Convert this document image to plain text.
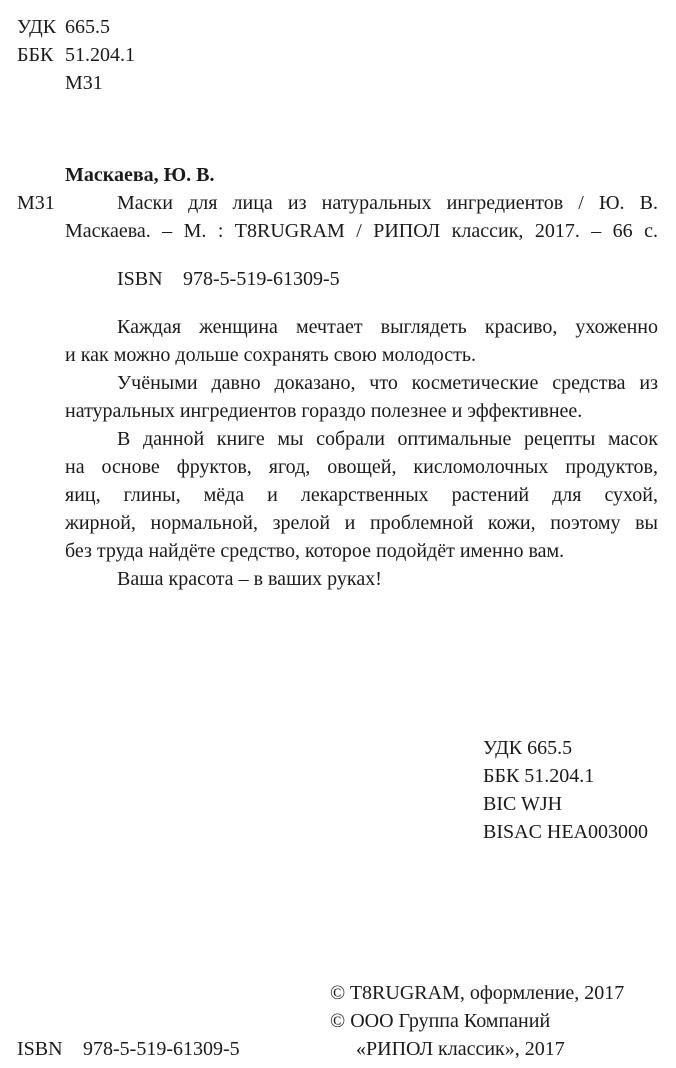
УДК 665.5
ББК 51.204.1
М31
Маскаева, Ю. В.
М31	Маски для лица из натуральных ингредиентов / Ю. В.
Маскаева. – М. : T8RUGRAM / РИПОЛ классик, 2017. – 66 с.
ISBN 978-5-519-61309-5
Каждая женщина мечтает выглядеть красиво, ухоженно
и как можно дольше сохранять свою молодость.
Учёными давно доказано, что косметические средства из
натуральных ингредиентов гораздо полезнее и эффективнее.
В данной книге мы собрали оптимальные рецепты масок
на основе фруктов, ягод, овощей, кисломолочных продуктов,
яиц, глины, мёда и лекарственных растений для сухой,
жирной, нормальной, зрелой и проблемной кожи, поэтому вы
без труда найдёте средство, которое подойдёт именно вам.
Ваша красота – в ваших руках!
УДК 665.5
ББК 51.204.1
BIC WJH
BISAC HEA003000
© T8RUGRAM, оформление, 2017
© ООО Группа Компаний
«РИПОЛ классик», 2017
ISBN 978-5-519-61309-5
